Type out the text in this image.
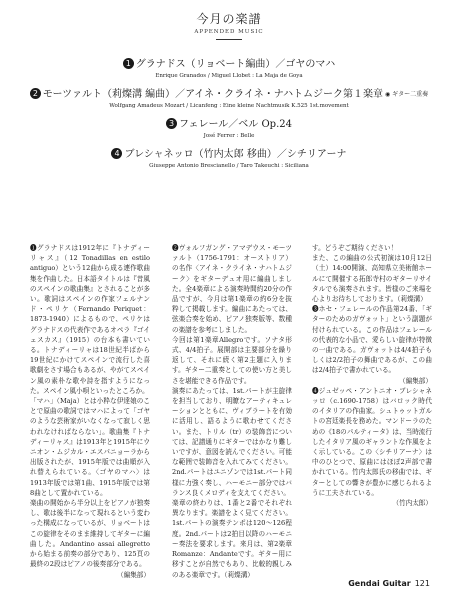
今月の楽譜
APPENDED MUSIC
1 グラナドス（リョベート編曲）／ゴヤのマハ
Enrique Granados / Miguel Llobet : La Maja de Goya
2 モーツァルト（莉燦溝 編曲）／アイネ・クライネ・ナハトムジーク第１楽章 ◉ ギター二重奏
Wolfgang Amadeus Mozart / Licanfeng : Eine kleine Nachtmusik K.525 1st.movement
3 フェレール／ベル Op.24
José Ferrer : Belle
4 ブレシャネッロ（竹内太郎 移曲）／シチリアーナ
Giuseppe Antonio Brescianello / Taro Takeuchi : Siciliana

❶グラナドスは1912年に『トナディーリャス』（12 Tonadillas en estilo antiguo）という12曲から成る連作歌曲集を作曲した。日本語タイトルは『昔風のスペインの歌曲集』とされることが多い。歌詞はスペインの作家フェルナンド・ペリケ（Fernando Periquet：1873-1940）によるもので、ペリケはグラナドスの代表作であるオペラ『ゴイェスカス』（1915）の台本も書いている。トナディーリャは18世紀半ばから19世紀にかけてスペインで流行した喜歌劇をさす場合もあるが、やがてスペイン風の素朴な歌や詩を指すようになった。スペイン風小唄といったところか。

「マハ」（Maja）とは小粋な伊達娘のことで原曲の歌詞ではマハによって「ゴヤのような芸術家がいなくなって寂しく思われなければならない」。歌曲集『トナディーリャス』は1913年と1915年にウニオン・ムジカル・エスパニョーラから出版されたが、1915年版では曲順が入れ替えられている。〈ゴヤのマハ〉は1913年版では第1曲、1915年版では第8曲として置かれている。

楽曲の開始から半分以上をピアノが独奏し、歌は後半になって現れるという変わった構成になっているが、リョベートはこの旋律をそのまま維持してギターに編曲した。Andantino assai allegretto から始まる前奏の部分であり、125頁の最終の2段はピアノの後奏部分である。

（編集部）

❷ヴォルフガング・アマデウス・モーツァルト（1756-1791：オーストリア）の名作〈アイネ・クライネ・ナハトムジーク〉をギターデュオ用に編曲しました。全4楽章による演奏時間約20分の作品ですが、今月は第1楽章の約6分を抜粋して掲載します。編曲にあたっては、弦楽合奏を始め、ピアノ独奏版等、数種の楽譜を参考にしました。

今回は第1楽章Allegroです。ソナタ形式、4/4拍子。展開部は主要部分を繰り返して、それに続く第2主題に入ります。ギター二重奏としての使い方と美しさを堪能できる作品です。

演奏にあたっては、1st.パートが主旋律を担当しており、明瞭なアーティキュレーションとともに、ヴィブラートを有効に活用し、語るように歌わせてください。また、トリル（tr）の装飾音については、記譜通りにギターではかなり難しいですが、意図を読んでください。可能な範囲で装飾音を入れてみてください。2nd.パートはユニゾンでは1st.パート同様に力強く奏し、ハーモニー部分ではバランス良くメロディを支えてください。

楽章の終わりは、1番と2番でそれぞれ異なります。楽譜をよく見てください。1st.パートの演奏テンポは120～126程度。2nd.パートは2拍目以降のハーモニー奏法を要求します。来月は、第2楽章Romanze：Andanteです。ギター用に移すことが自然でもあり、比較的親しみのある楽章です。（莉燦溝）

す。どうぞご期待ください！

また、この編曲の公式初演は10月12日（土）14:00開演、高知県立美術館ホールにて開催する拓郎寺村のギターリサイタルでも演奏されます。皆様のご来場を心よりお待ちしております。（莉燦溝）

❸ホセ・フェレールの作品第24番、「ギターのためのガヴォット」という副題が付けられている。この作品はフェレールの代表的な小品で、愛らしい旋律が特徴の一曲である。ガヴォットは4/4拍子もしくは2/2拍子の舞曲であるが、この曲は2/4拍子で書かれている。

（編集部）

❹ジュゼッペ・アントニオ・ブレシャネッロ（c.1690-1758）はバロック時代のイタリアの作曲家。シュトゥットガルトの宮廷楽長を務めた。マンドーラのための《18のパルティータ》は、当時流行したイタリア風のギャラントな作風をよく示している。この〈シチリアーナ〉は中のひとつで、原曲にはほぼ2声部で書かれている。竹内太郎氏の移曲では、ギターとしての響きが豊かに感じられるように工夫されている。

（竹内太郎）

Gendai Guitar 121
